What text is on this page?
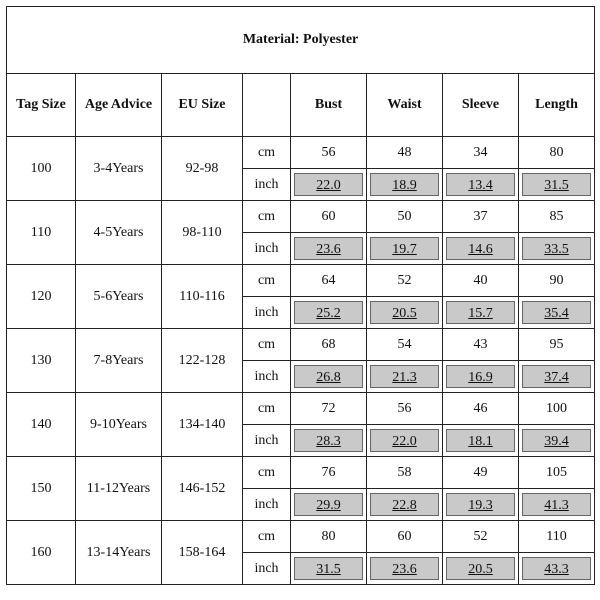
Material: Polyester							
Tag Size	Age Advice	EU Size		Bust	Waist	Sleeve	Length
100	3-4Years	92-98	cm	56	48	34	80
			inch	22.0	18.9	13.4	31.5

110	4-5Years	98-110	cm	60	50	37	85
			inch	23.6	19.7	14.6	33.5

120	5-6Years	110-116	cm	64	52	40	90
			inch	25.2	20.5	15.7	35.4

130	7-8Years	122-128	cm	68	54	43	95
			inch	26.8	21.3	16.9	37.4

140	9-10Years	134-140	cm	72	56	46	100
			inch	28.3	22.0	18.1	39.4

150	11-12Years	146-152	cm	76	58	49	105
			inch	29.9	22.8	19.3	41.3

160	13-14Years	158-164	cm	80	60	52	110
			inch	31.5	23.6	20.5	43.3
